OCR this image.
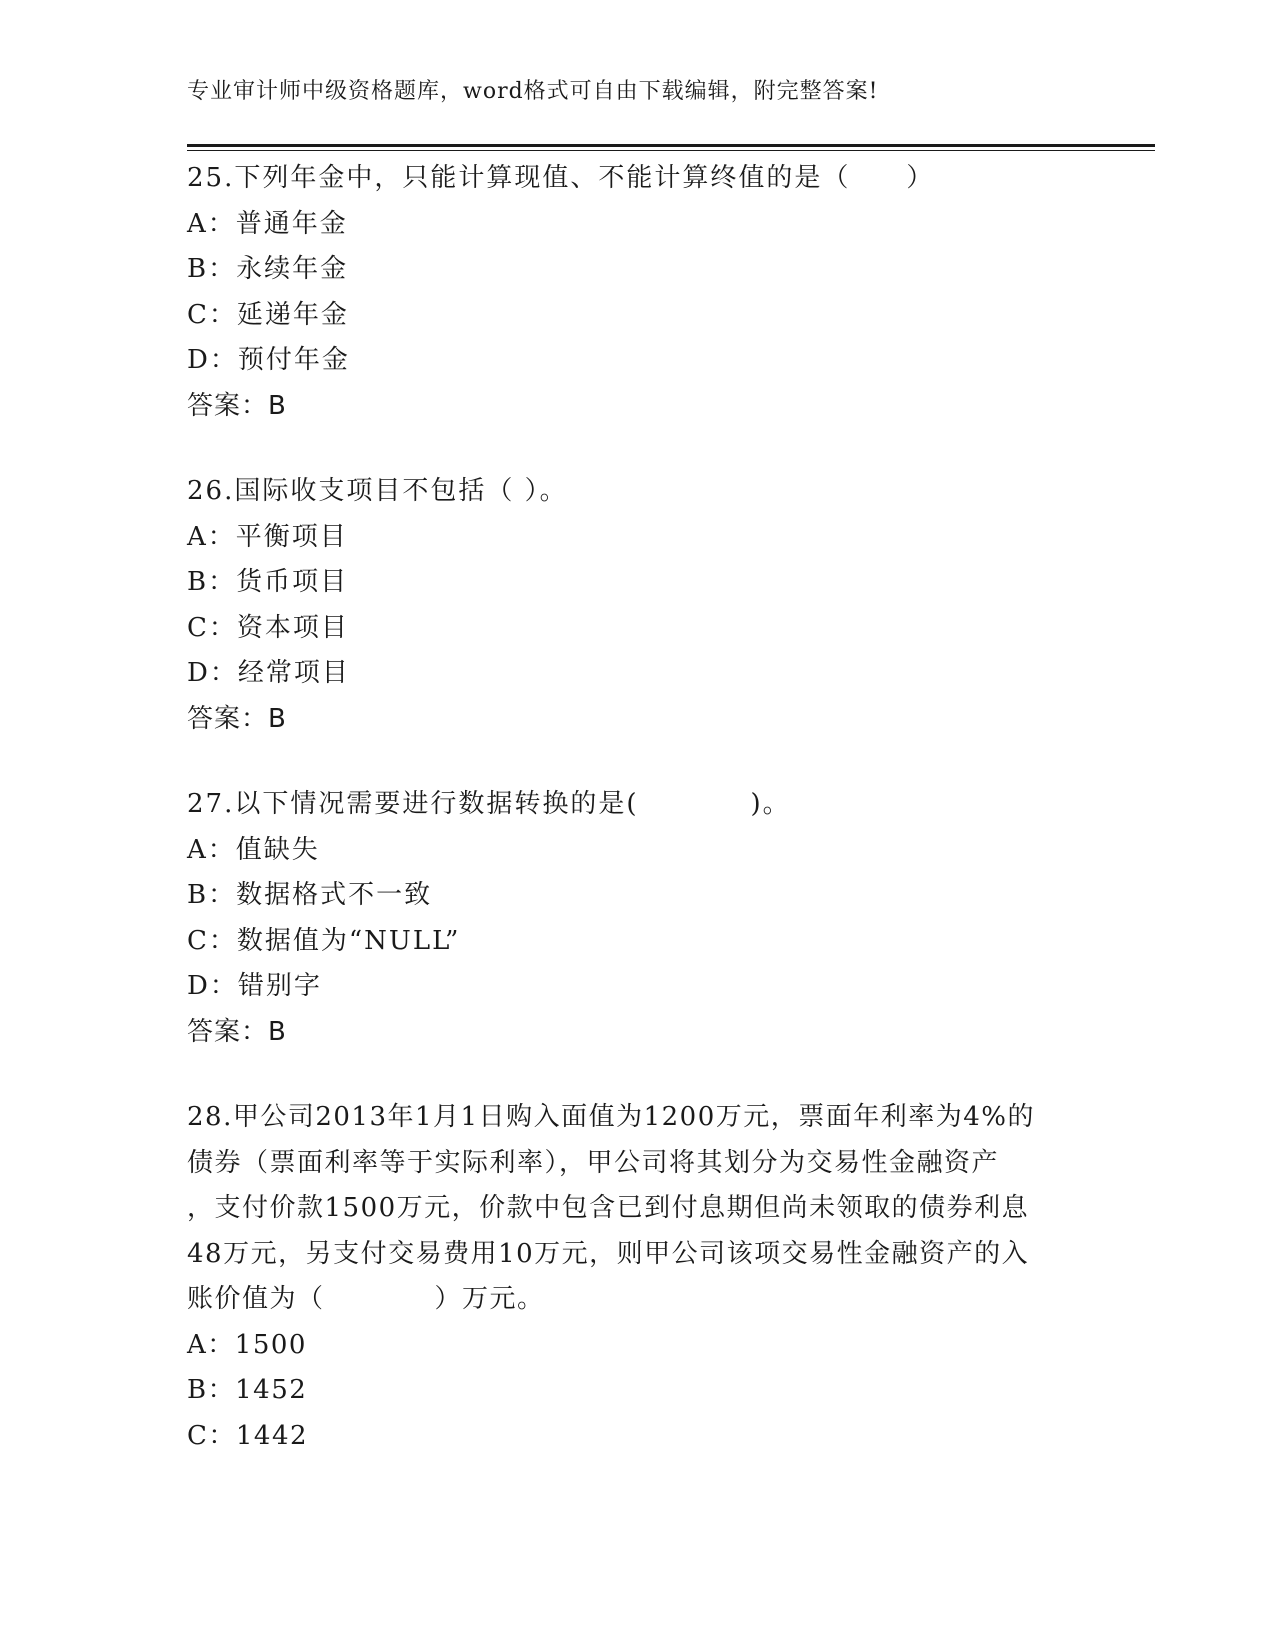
专业审计师中级资格题库，word格式可自由下载编辑，附完整答案!
25.下列年金中，只能计算现值、不能计算终值的是（　　）
A：普通年金
B：永续年金
C：延递年金
D：预付年金
答案：B
26.国际收支项目不包括（ ）。
A：平衡项目
B：货币项目
C：资本项目
D：经常项目
答案：B
27.以下情况需要进行数据转换的是(　　　　)。
A：值缺失
B：数据格式不一致
C：数据值为“NULL”
D：错别字
答案：B
28.甲公司2013年1月1日购入面值为1200万元，票面年利率为4%的
债券（票面利率等于实际利率），甲公司将其划分为交易性金融资产
，支付价款1500万元，价款中包含已到付息期但尚未领取的债券利息
48万元，另支付交易费用10万元，则甲公司该项交易性金融资产的入
账价值为（　　　　）万元。
A：1500
B：1452
C：1442
